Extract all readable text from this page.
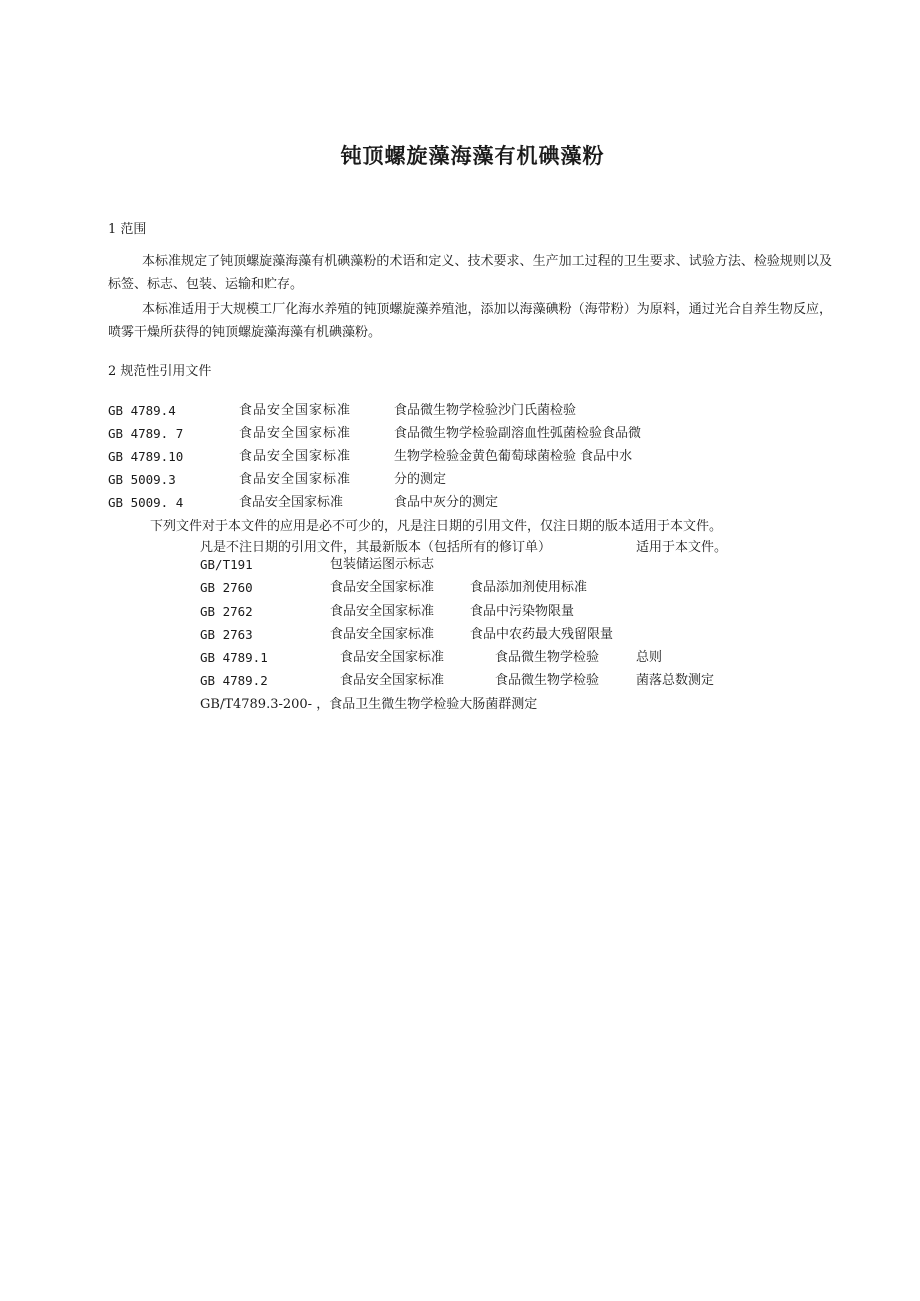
钝顶螺旋藻海藻有机碘藻粉
1 范围
本标准规定了钝顶螺旋藻海藻有机碘藻粉的术语和定义、技术要求、生产加工过程的卫生要求、试验方法、检验规则以及标签、标志、包装、运输和贮存。
本标准适用于大规模工厂化海水养殖的钝顶螺旋藻养殖池，添加以海藻碘粉（海带粉）为原料，通过光合自养生物反应，喷雾干燥所获得的钝顶螺旋藻海藻有机碘藻粉。
2 规范性引用文件
GB 4789.4	食品安全国家标准	食品微生物学检验沙门氏菌检验
GB 4789. 7	食品安全国家标准	食品微生物学检验副溶血性弧菌检验食品微
GB 4789.10	食品安全国家标准	生物学检验金黄色葡萄球菌检验 食品中水
GB 5009.3	食品安全国家标准	分的测定
GB 5009. 4	食品安全国家标准	食品中灰分的测定
下列文件对于本文件的应用是必不可少的，凡是注日期的引用文件，仅注日期的版本适用于本文件。
凡是不注日期的引用文件，其最新版本（包括所有的修订单）	适用于本文件。
GB/T191	包装储运图示标志
GB 2760	食品安全国家标准	食品添加剂使用标准
GB 2762	食品安全国家标准	食品中污染物限量
GB 2763	食品安全国家标准	食品中农药最大残留限量
GB 4789.1	食品安全国家标准	食品微生物学检验	总则
GB 4789.2	食品安全国家标准	食品微生物学检验	菌落总数测定
GB/T4789.3-200- ，食品卫生微生物学检验大肠菌群测定
